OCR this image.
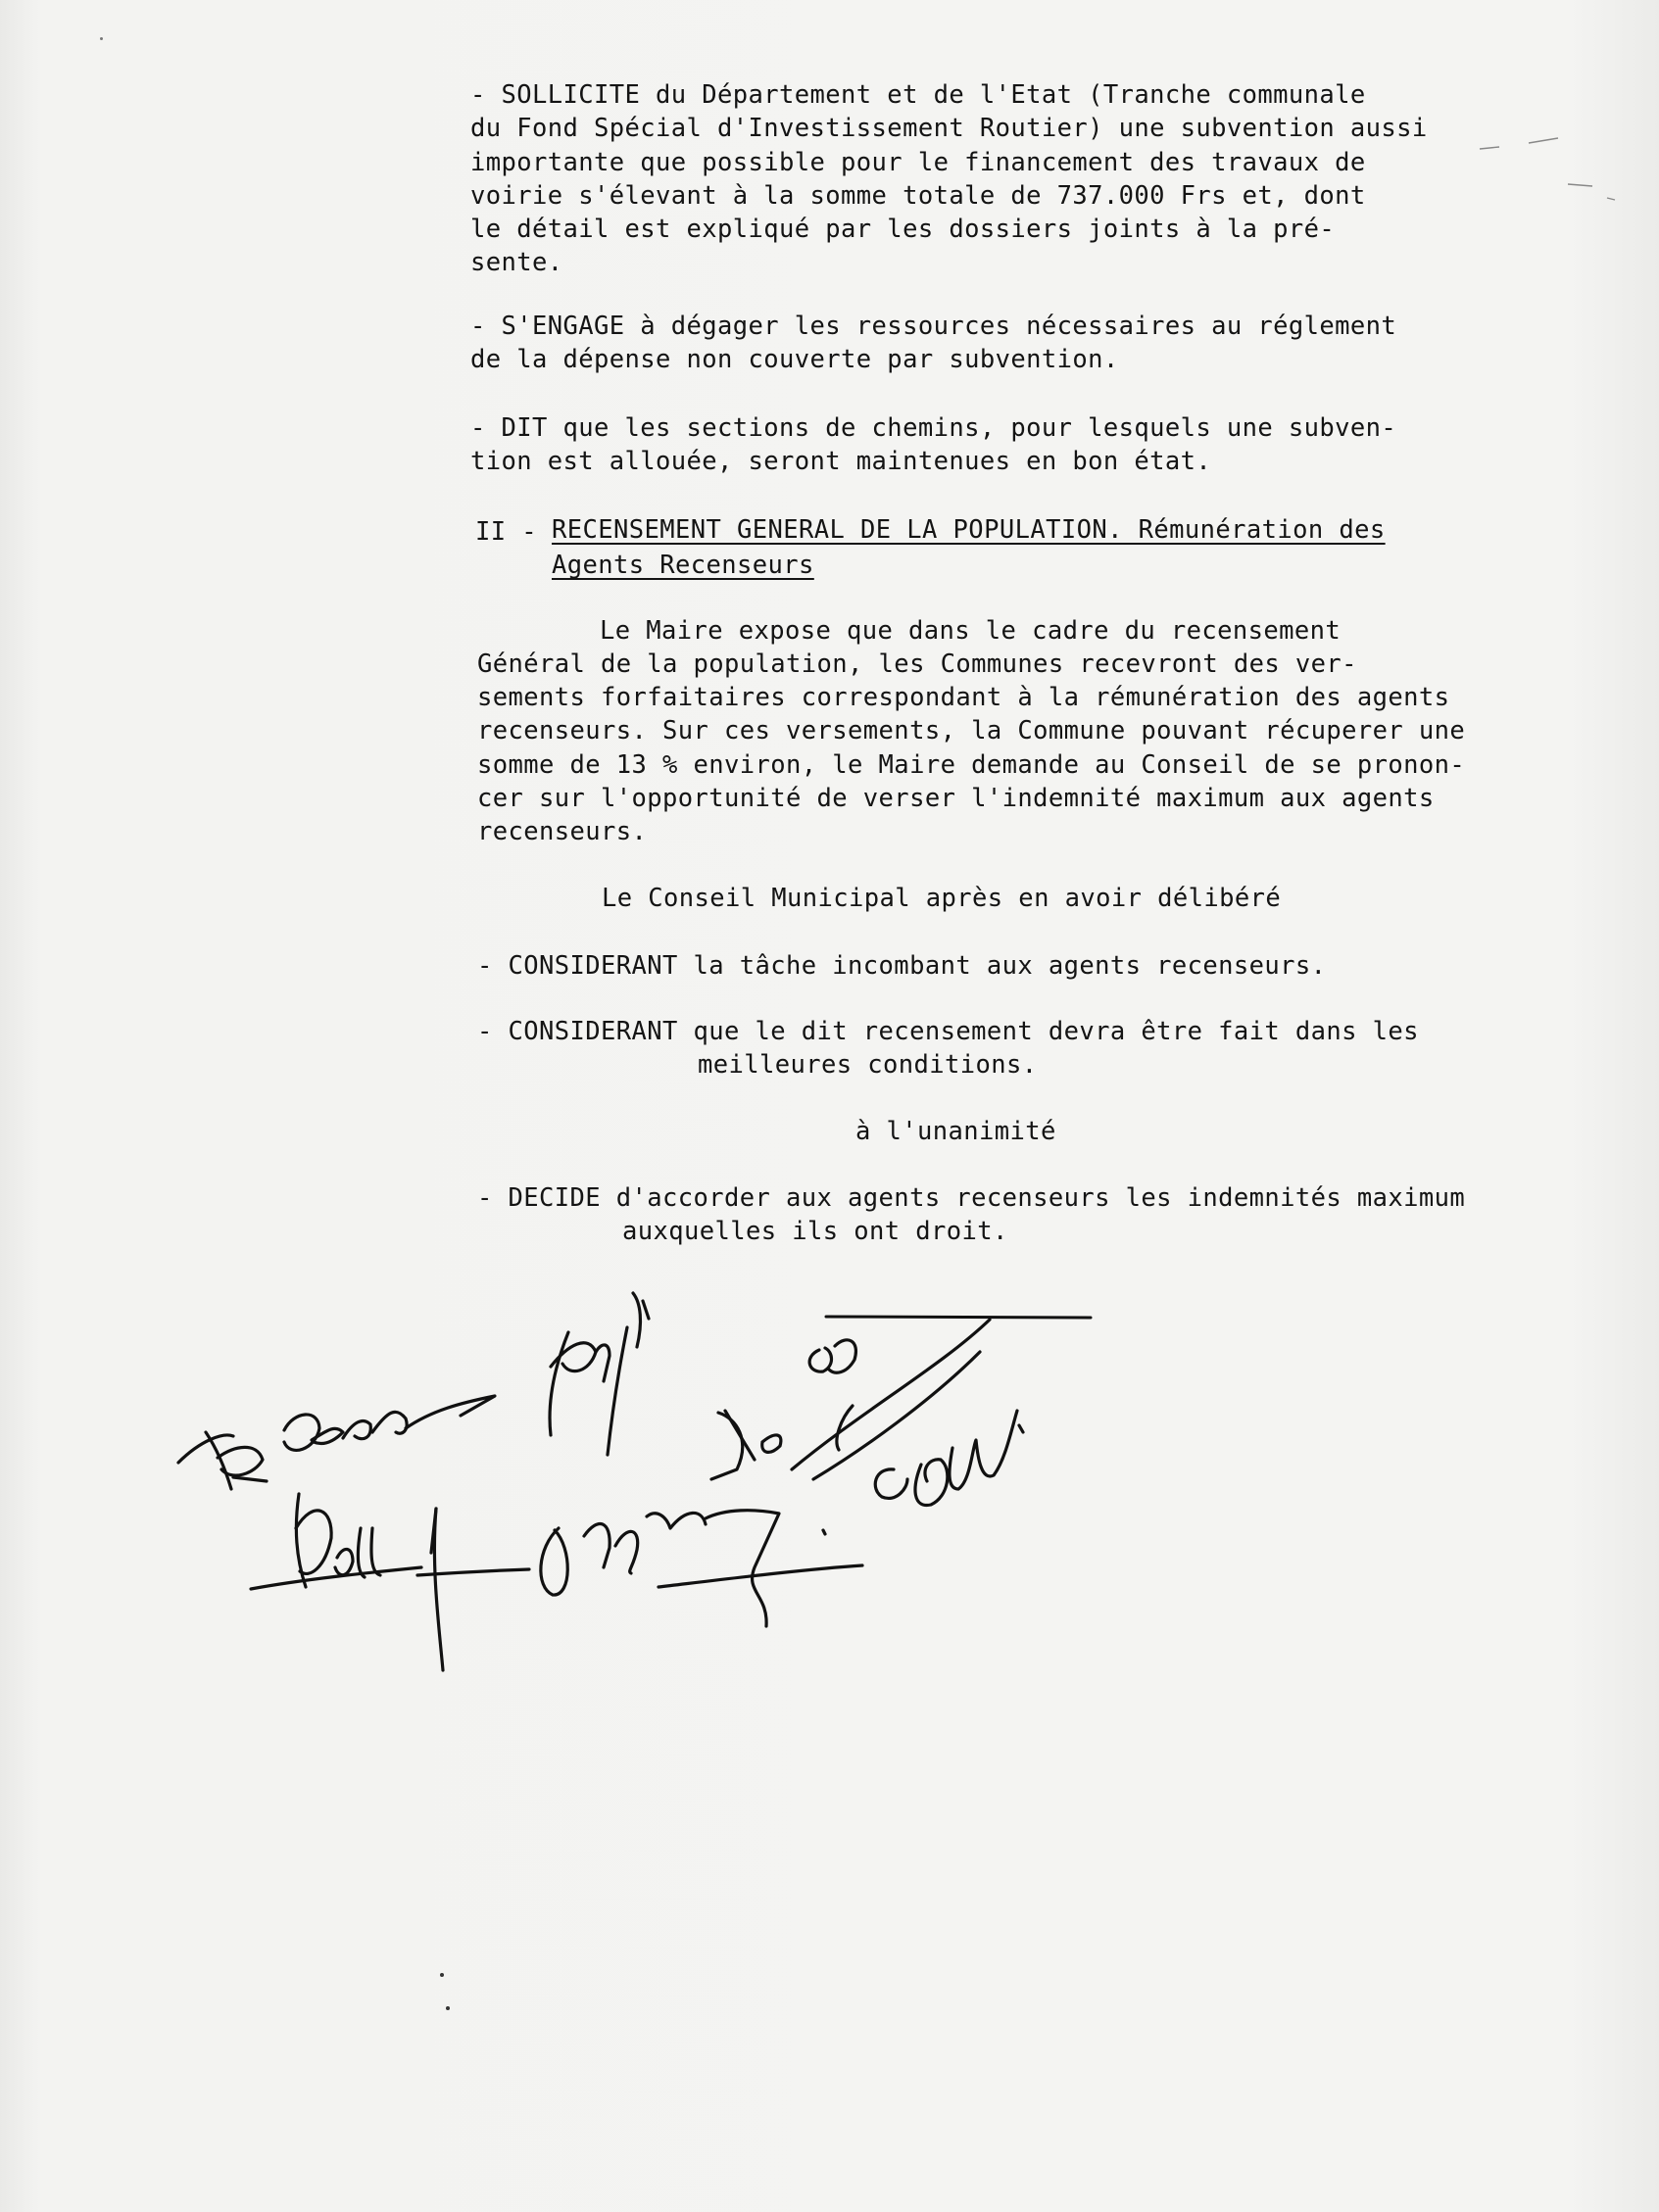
- SOLLICITE du Département et de l'Etat (Tranche communale
du Fond Spécial d'Investissement Routier) une subvention aussi
importante que possible pour le financement des travaux de
voirie s'élevant à la somme totale de 737.000 Frs et, dont
le détail est expliqué par les dossiers joints à la pré-
sente.
- S'ENGAGE à dégager les ressources nécessaires au réglement
de la dépense non couverte par subvention.
- DIT que les sections de chemins, pour lesquels une subven-
tion est allouée, seront maintenues en bon état.
II - RECENSEMENT GENERAL DE LA POPULATION. Rémunération des
Agents Recenseurs
Le Maire expose que dans le cadre du recensement
Général de la population, les Communes recevront des ver-
sements forfaitaires correspondant à la rémunération des agents
recenseurs. Sur ces versements, la Commune pouvant récuperer une
somme de 13 % environ, le Maire demande au Conseil de se pronon-
cer sur l'opportunité de verser l'indemnité maximum aux agents
recenseurs.
Le Conseil Municipal après en avoir délibéré
- CONSIDERANT la tâche incombant aux agents recenseurs.
- CONSIDERANT que le dit recensement devra être fait dans les
meilleures conditions.
à l'unanimité
- DECIDE d'accorder aux agents recenseurs les indemnités maximum
auxquelles ils ont droit.
